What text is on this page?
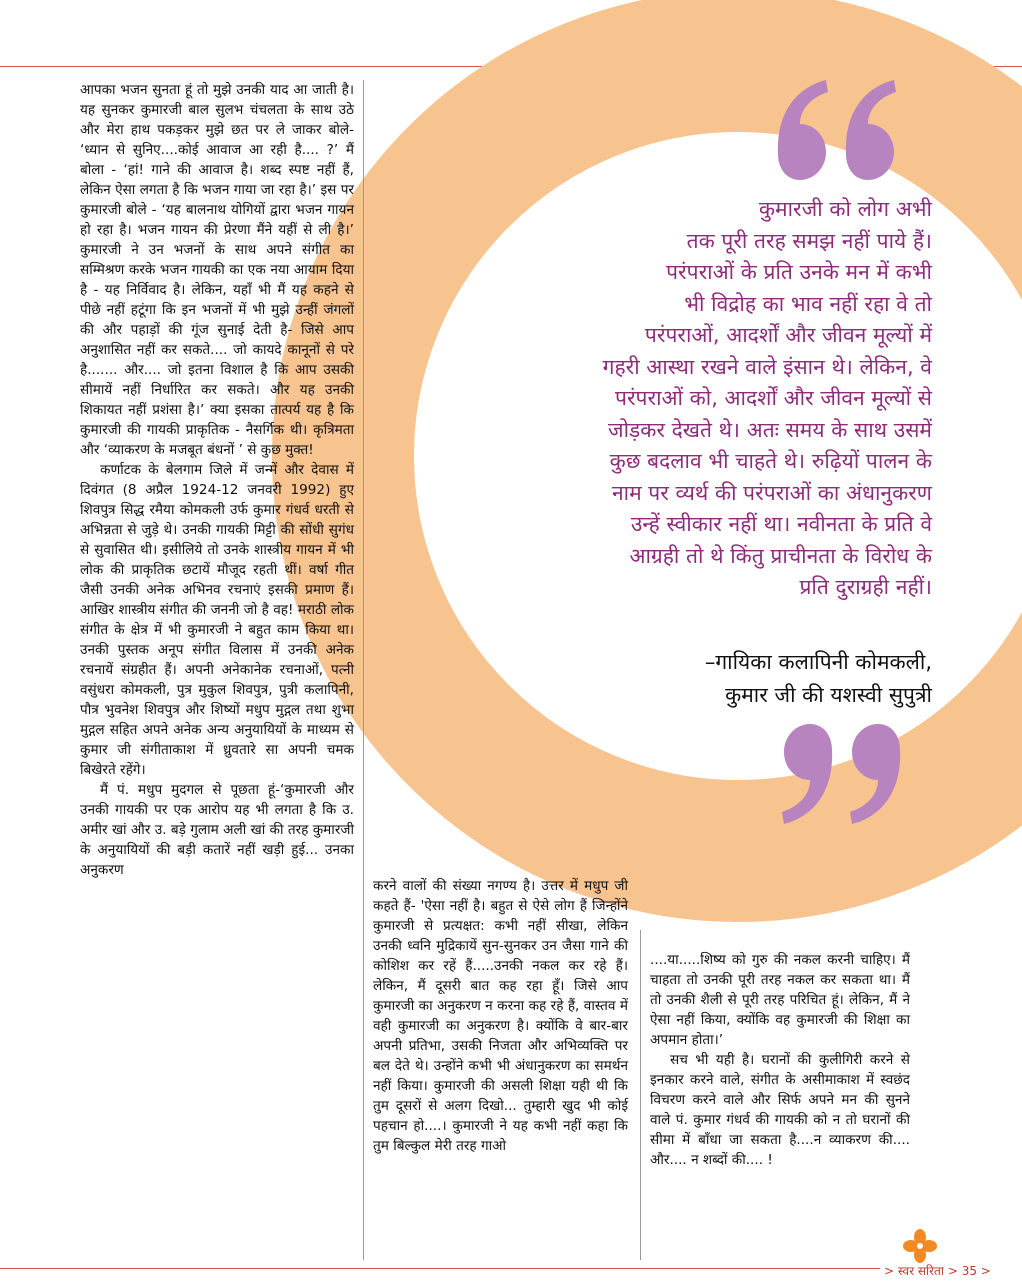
आपका भजन सुनता हूं तो मुझे उनकी याद आ जाती है। यह सुनकर कुमारजी बाल सुलभ चंचलता के साथ उठे और मेरा हाथ पकड़कर मुझे छत पर ले जाकर बोले- ‘ध्यान से सुनिए....कोई आवाज आ रही है.... ?’ मैं बोला - ‘हां! गाने की आवाज है। शब्द स्पष्ट नहीं हैं, लेकिन ऐसा लगता है कि भजन गाया जा रहा है।’ इस पर कुमारजी बोले - ‘यह बालनाथ योगियों द्वारा भजन गायन हो रहा है। भजन गायन की प्रेरणा मैंने यहीं से ली है।’ कुमारजी ने उन भजनों के साथ अपने संगीत का सम्मिश्रण करके भजन गायकी का एक नया आयाम दिया है - यह निर्विवाद है। लेकिन, यहाँ भी मैं यह कहने से पीछे नहीं हटूंगा कि इन भजनों में भी मुझे उन्हीं जंगलों की और पहाड़ों की गूंज सुनाई देती है- जिसे आप अनुशासित नहीं कर सकते.... जो कायदे कानूनों से परे है....... और.... जो इतना विशाल है कि आप उसकी सीमायें नहीं निर्धारित कर सकते। और यह उनकी शिकायत नहीं प्रशंसा है।’ क्या इसका तात्पर्य यह है कि कुमारजी की गायकी प्राकृतिक - नैसर्गिक थी। कृत्रिमता और ‘व्याकरण के मजबूत बंधनों ’ से कुछ मुक्त!

कर्णाटक के बेलगाम जिले में जन्में और देवास में दिवंगत (8 अप्रैल 1924-12 जनवरी 1992) हुए शिवपुत्र सिद्ध रमैया कोमकली उर्फ कुमार गंधर्व धरती से अभिन्नता से जुड़े थे। उनकी गायकी मिट्टी की सोंधी सुगंध से सुवासित थी। इसीलिये तो उनके शास्त्रीय गायन में भी लोक की प्राकृतिक छटायें मौजूद रहती थीं। वर्षा गीत जैसी उनकी अनेक अभिनव रचनाएं इसकी प्रमाण हैं। आखिर शास्त्रीय संगीत की जननी जो है वह! मराठी लोक संगीत के क्षेत्र में भी कुमारजी ने बहुत काम किया था। उनकी पुस्तक अनूप संगीत विलास में उनकी अनेक रचनायें संग्रहीत हैं। अपनी अनेकानेक रचनाओं, पत्नी वसुंधरा कोमकली, पुत्र मुकुल शिवपुत्र, पुत्री कलापिनी, पौत्र भुवनेश शिवपुत्र और शिष्यों मधुप मुद्गल तथा शुभा मुद्गल सहित अपने अनेक अन्य अनुयायियों के माध्यम से कुमार जी संगीताकाश में ध्रुवतारे सा अपनी चमक बिखेरते रहेंगे।

मैं पं. मधुप मुदगल से पूछता हूं-‘कुमारजी और उनकी गायकी पर एक आरोप यह भी लगता है कि उ. अमीर खां और उ. बड़े गुलाम अली खां की तरह कुमारजी के अनुयायियों की बड़ी कतारें नहीं खड़ी हुई... उनका अनुकरण

करने वालों की संख्या नगण्य है। उत्तर में मधुप जी कहते हैं- 'ऐसा नहीं है। बहुत से ऐसे लोग हैं जिन्होंने कुमारजी से प्रत्यक्षत: कभी नहीं सीखा, लेकिन उनकी ध्वनि मुद्रिकायें सुन-सुनकर उन जैसा गाने की कोशिश कर रहें हैं.....उनकी नकल कर रहे हैं। लेकिन, मैं दूसरी बात कह रहा हूँ। जिसे आप कुमारजी का अनुकरण न करना कह रहे हैं, वास्तव में वही कुमारजी का अनुकरण है। क्योंकि वे बार-बार अपनी प्रतिभा, उसकी निजता और अभिव्यक्ति पर बल देते थे। उन्होंने कभी भी अंधानुकरण का समर्थन नहीं किया। कुमारजी की असली शिक्षा यही थी कि तुम दूसरों से अलग दिखो... तुम्हारी खुद भी कोई पहचान हो....। कुमारजी ने यह कभी नहीं कहा कि तुम बिल्कुल मेरी तरह गाओ

....या.....शिष्य को गुरु की नकल करनी चाहिए। मैं चाहता तो उनकी पूरी तरह नकल कर सकता था। मैं तो उनकी शैली से पूरी तरह परिचित हूं। लेकिन, मैं ने ऐसा नहीं किया, क्योंकि वह कुमारजी की शिक्षा का अपमान होता।’

सच भी यही है। घरानों की कुलीगिरी करने से इनकार करने वाले, संगीत के असीमाकाश में स्वछंद विचरण करने वाले और सिर्फ अपने मन की सुनने वाले पं. कुमार गंधर्व की गायकी को न तो घरानों की सीमा में बाँधा जा सकता है....न व्याकरण की.... और.... न शब्दों की.... !

कुमारजी को लोग अभी

तक पूरी तरह समझ नहीं पाये हैं।

परंपराओं के प्रति उनके मन में कभी

भी विद्रोह का भाव नहीं रहा वे तो

परंपराओं, आदर्शों और जीवन मूल्यों में

गहरी आस्था रखने वाले इंसान थे। लेकिन, वे

परंपराओं को, आदर्शों और जीवन मूल्यों से

जोड़कर देखते थे। अतः समय के साथ उसमें

कुछ बदलाव भी चाहते थे। रुढ़ियों पालन के

नाम पर व्यर्थ की परंपराओं का अंधानुकरण

उन्हें स्वीकार नहीं था। नवीनता के प्रति वे

आग्रही तो थे किंतु प्राचीनता के विरोध के

प्रति दुराग्रही नहीं।

–गायिका कलापिनी कोमकली,

कुमार जी की यशस्वी सुपुत्री

> स्वर सरिता > 35 >
